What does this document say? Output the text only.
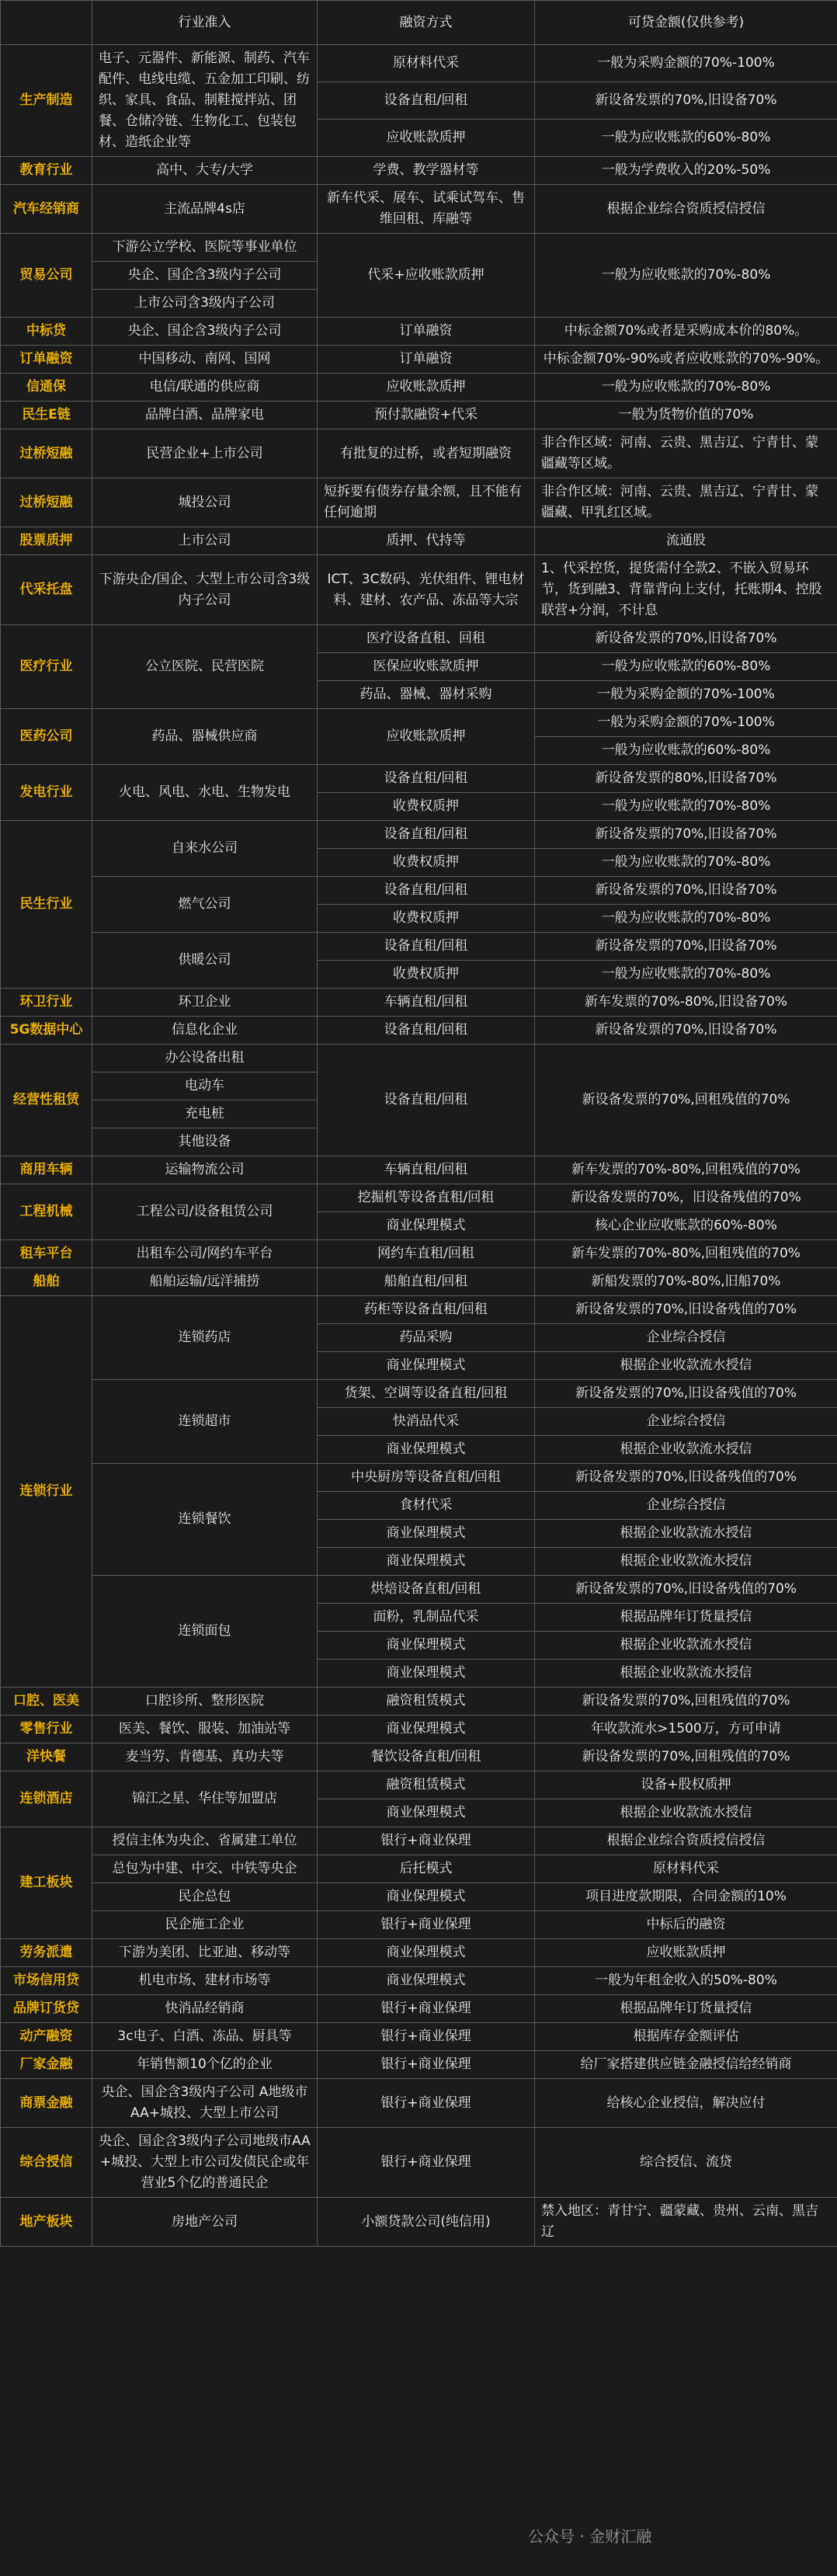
	行业准入	融资方式	可贷金额(仅供参考)
生产制造	电子、元器件、新能源、制药、汽车配件、电线电缆、五金加工印刷、纺织、家具、食品、制鞋搅拌站、团餐、仓储冷链、生物化工、包装包材、造纸企业等	原材料代采	一般为采购金额的70%-100%
		设备直租/回租	新设备发票的70%,旧设备70%
		应收账款质押	一般为应收账款的60%-80%
教育行业	高中、大专/大学	学费、教学器材等	一般为学费收入的20%-50%
汽车经销商	主流品牌4s店	新车代采、展车、试乘试驾车、售维回租、库融等	根据企业综合资质授信授信
贸易公司	下游公立学校、医院等事业单位	代采+应收账款质押	一般为应收账款的70%-80%
	央企、国企含3级内子公司		
	上市公司含3级内子公司		
中标贷	央企、国企含3级内子公司	订单融资	中标金额70%或者是采购成本价的80%。
订单融资	中国移动、南网、国网	订单融资	中标金额70%-90%或者应收账款的70%-90%。
信通保	电信/联通的供应商	应收账款质押	一般为应收账款的70%-80%
民生E链	品牌白酒、品牌家电	预付款融资+代采	一般为货物价值的70%
过桥短融	民营企业+上市公司	有批复的过桥，或者短期融资	非合作区域：河南、云贵、黑吉辽、宁青甘、蒙疆藏等区域。
过桥短融	城投公司	短拆要有债券存量余额，且不能有任何逾期	非合作区域：河南、云贵、黑吉辽、宁青甘、蒙疆藏、甲乳红区域。
股票质押	上市公司	质押、代持等	流通股
代采托盘	下游央企/国企、大型上市公司含3级内子公司	ICT、3C数码、光伏组件、锂电材料、建材、农产品、冻品等大宗	1、代采控货，提货需付全款2、不嵌入贸易环节，货到融3、背靠背向上支付，托账期4、控股联营+分润，不计息
医疗行业	公立医院、民营医院	医疗设备直租、回租	新设备发票的70%,旧设备70%
		医保应收账款质押	一般为应收账款的60%-80%
		药品、器械、器材采购	一般为采购金额的70%-100%
医药公司	药品、器械供应商	应收账款质押	一般为采购金额的70%-100%
			一般为应收账款的60%-80%
发电行业	火电、风电、水电、生物发电	设备直租/回租	新设备发票的80%,旧设备70%
		收费权质押	一般为应收账款的70%-80%
民生行业	自来水公司	设备直租/回租	新设备发票的70%,旧设备70%
		收费权质押	一般为应收账款的70%-80%
	燃气公司	设备直租/回租	新设备发票的70%,旧设备70%
		收费权质押	一般为应收账款的70%-80%
	供暖公司	设备直租/回租	新设备发票的70%,旧设备70%
		收费权质押	一般为应收账款的70%-80%
环卫行业	环卫企业	车辆直租/回租	新车发票的70%-80%,旧设备70%
5G数据中心	信息化企业	设备直租/回租	新设备发票的70%,旧设备70%
经营性租赁	办公设备出租	设备直租/回租	新设备发票的70%,回租残值的70%
	电动车		
	充电桩		
	其他设备		
商用车辆	运输物流公司	车辆直租/回租	新车发票的70%-80%,回租残值的70%
工程机械	工程公司/设备租赁公司	挖掘机等设备直租/回租	新设备发票的70%，旧设备残值的70%
		商业保理模式	核心企业应收账款的60%-80%
租车平台	出租车公司/网约车平台	网约车直租/回租	新车发票的70%-80%,回租残值的70%
船舶	船舶运输/远洋捕捞	船舶直租/回租	新船发票的70%-80%,旧船70%
连锁行业	连锁药店	药柜等设备直租/回租	新设备发票的70%,旧设备残值的70%
		药品采购	企业综合授信
		商业保理模式	根据企业收款流水授信
	连锁超市	货架、空调等设备直租/回租	新设备发票的70%,旧设备残值的70%
		快消品代采	企业综合授信
		商业保理模式	根据企业收款流水授信
	连锁餐饮	中央厨房等设备直租/回租	新设备发票的70%,旧设备残值的70%
		食材代采	企业综合授信
		商业保理模式	根据企业收款流水授信
		商业保理模式	根据企业收款流水授信
	连锁面包	烘焙设备直租/回租	新设备发票的70%,旧设备残值的70%
		面粉，乳制品代采	根据品牌年订货量授信
		商业保理模式	根据企业收款流水授信
		商业保理模式	根据企业收款流水授信
口腔、医美	口腔诊所、整形医院	融资租赁模式	新设备发票的70%,回租残值的70%
零售行业	医美、餐饮、服装、加油站等	商业保理模式	年收款流水>1500万，方可申请
洋快餐	麦当劳、肯德基、真功夫等	餐饮设备直租/回租	新设备发票的70%,回租残值的70%
连锁酒店	锦江之星、华住等加盟店	融资租赁模式	设备+股权质押
		商业保理模式	根据企业收款流水授信
建工板块	授信主体为央企、省属建工单位	银行+商业保理	根据企业综合资质授信授信
	总包为中建、中交、中铁等央企	后托模式	原材料代采
	民企总包	商业保理模式	项目进度款期限，合同金额的10%
	民企施工企业	银行+商业保理	中标后的融资
劳务派遣	下游为美团、比亚迪、移动等	商业保理模式	应收账款质押
市场信用贷	机电市场、建材市场等	商业保理模式	一般为年租金收入的50%-80%
品牌订货贷	快消品经销商	银行+商业保理	根据品牌年订货量授信
动产融资	3c电子、白酒、冻品、厨具等	银行+商业保理	根据库存金额评估
厂家金融	年销售额10个亿的企业	银行+商业保理	给厂家搭建供应链金融授信给经销商
商票金融	央企、国企含3级内子公司 A地级市AA+城投、大型上市公司	银行+商业保理	给核心企业授信，解决应付
综合授信	央企、国企含3级内子公司地级市AA+城投、大型上市公司发债民企或年营业5个亿的普通民企	银行+商业保理	综合授信、流贷
地产板块	房地产公司	小额贷款公司(纯信用)	禁入地区：青甘宁、疆蒙藏、贵州、云南、黑吉辽
公众号 · 金财汇融
